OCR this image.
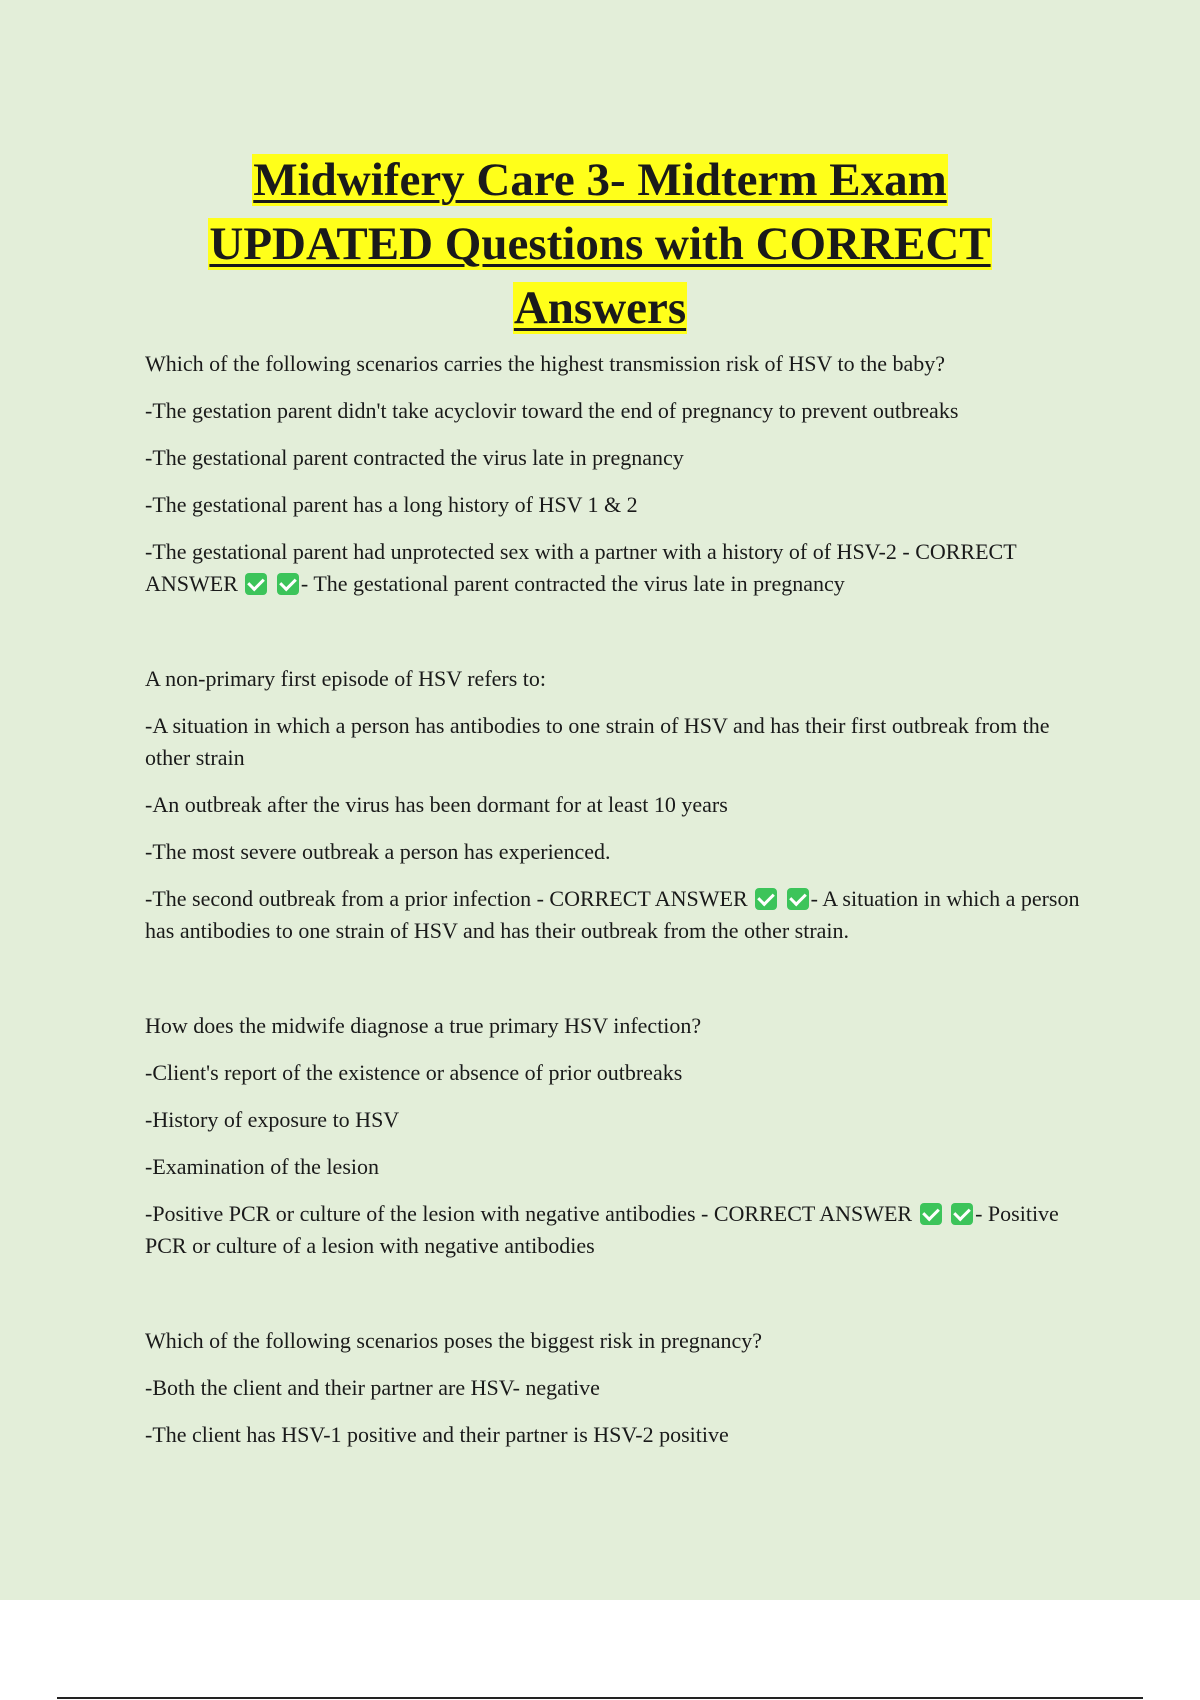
Midwifery Care 3- Midterm Exam
UPDATED Questions with CORRECT
Answers

Which of the following scenarios carries the highest transmission risk of HSV to the baby?

-The gestation parent didn't take acyclovir toward the end of pregnancy to prevent outbreaks

-The gestational parent contracted the virus late in pregnancy

-The gestational parent has a long history of HSV 1 & 2

-The gestational parent had unprotected sex with a partner with a history of of HSV-2 - CORRECT ANSWER	- The gestational parent contracted the virus late in pregnancy

A non-primary first episode of HSV refers to:

-A situation in which a person has antibodies to one strain of HSV and has their first outbreak from the other strain

-An outbreak after the virus has been dormant for at least 10 years

-The most severe outbreak a person has experienced.

-The second outbreak from a prior infection - CORRECT ANSWER	- A situation in which a person has antibodies to one strain of HSV and has their outbreak from the other strain.

How does the midwife diagnose a true primary HSV infection?

-Client's report of the existence or absence of prior outbreaks

-History of exposure to HSV

-Examination of the lesion

-Positive PCR or culture of the lesion with negative antibodies - CORRECT ANSWER	- Positive PCR or culture of a lesion with negative antibodies

Which of the following scenarios poses the biggest risk in pregnancy?

-Both the client and their partner are HSV- negative

-The client has HSV-1 positive and their partner is HSV-2 positive
